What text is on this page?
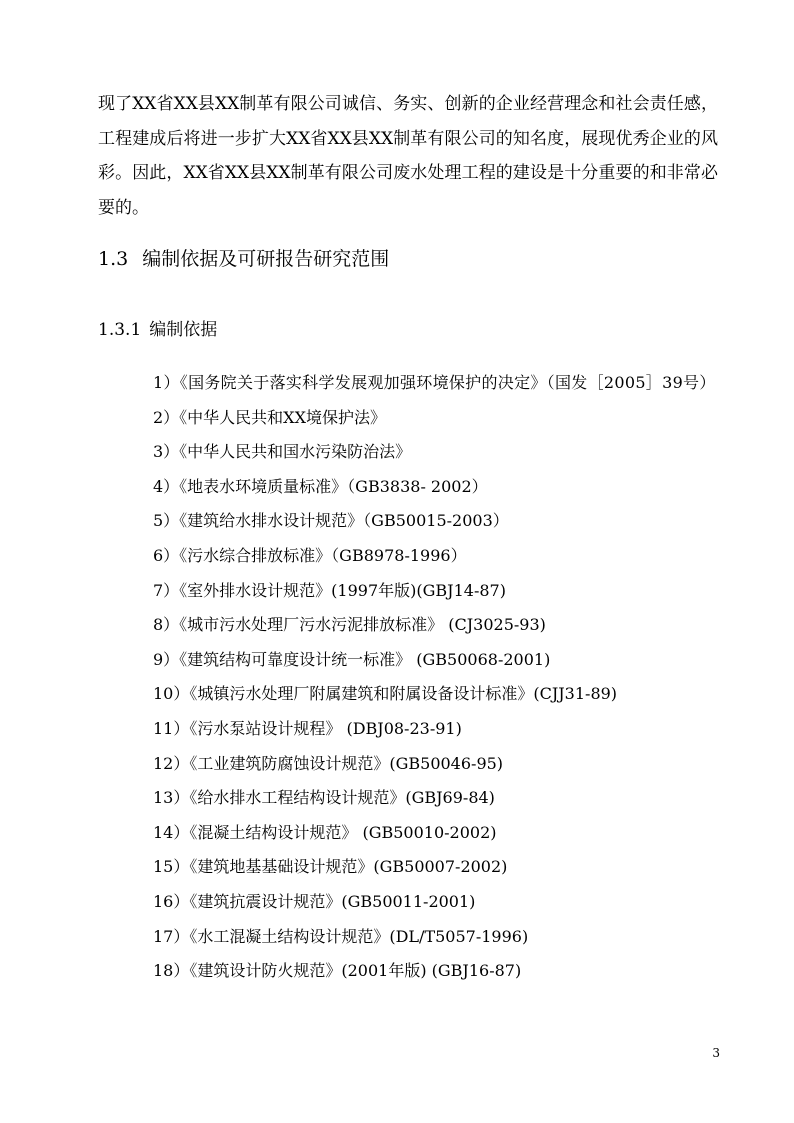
现了XX省XX县XX制革有限公司诚信、务实、创新的企业经营理念和社会责任感，工程建成后将进一步扩大XX省XX县XX制革有限公司的知名度，展现优秀企业的风彩。因此，XX省XX县XX制革有限公司废水处理工程的建设是十分重要的和非常必要的。

1.3 编制依据及可研报告研究范围
1.3.1 编制依据
1）《国务院关于落实科学发展观加强环境保护的决定》（国发［2005］39号）
2）《中华人民共和XX境保护法》
3）《中华人民共和国水污染防治法》
4）《地表水环境质量标准》（GB3838- 2002）
5）《建筑给水排水设计规范》（GB50015-2003）
6）《污水综合排放标准》（GB8978-1996）
7）《室外排水设计规范》(1997年版)(GBJ14-87)
8）《城市污水处理厂污水污泥排放标准》 (CJ3025-93)
9）《建筑结构可靠度设计统一标准》 (GB50068-2001)
10）《城镇污水处理厂附属建筑和附属设备设计标准》(CJJ31-89)
11）《污水泵站设计规程》 (DBJ08-23-91)
12）《工业建筑防腐蚀设计规范》(GB50046-95)
13）《给水排水工程结构设计规范》(GBJ69-84)
14）《混凝土结构设计规范》 (GB50010-2002)
15）《建筑地基基础设计规范》(GB50007-2002)
16）《建筑抗震设计规范》(GB50011-2001)
17）《水工混凝土结构设计规范》(DL/T5057-1996)
18）《建筑设计防火规范》(2001年版) (GBJ16-87)
3
